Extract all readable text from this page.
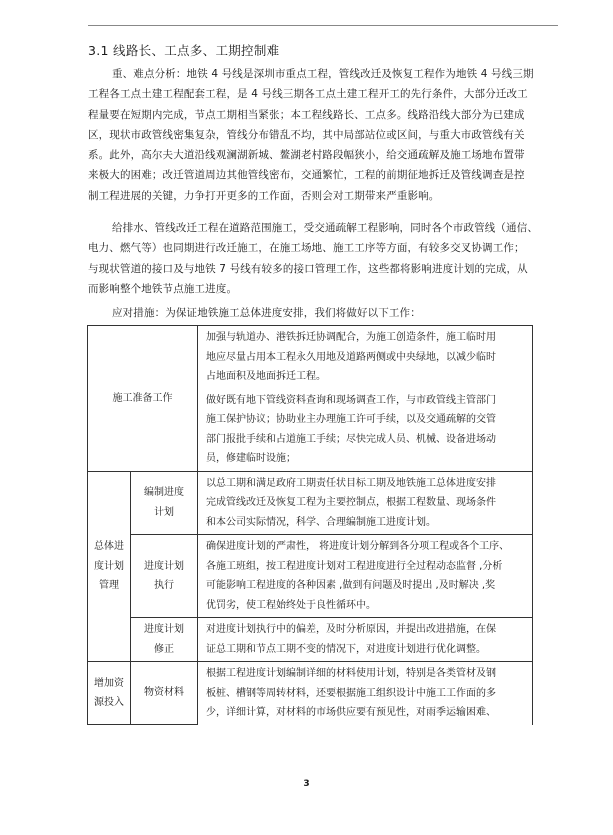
3.1 线路长、工点多、工期控制难
重、难点分析：地铁 4 号线是深圳市重点工程，管线改迁及恢复工程作为地铁 4 号线三期
工程各工点土建工程配套工程，是 4 号线三期各工点土建工程开工的先行条件，大部分迁改工
程量要在短期内完成，节点工期相当紧张；本工程线路长、工点多。线路沿线大部分为已建成
区，现状市政管线密集复杂，管线分布错乱不均，其中局部站位或区间，与重大市政管线有关
系。此外，高尔夫大道沿线观澜湖新城、鳌湖老村路段幅狭小，给交通疏解及施工场地布置带
来极大的困难；改迁管道周边其他管线密布，交通繁忙，工程的前期征地拆迁及管线调查是控
制工程进展的关键，力争打开更多的工作面，否则会对工期带来严重影响。
给排水、管线改迁工程在道路范围施工，受交通疏解工程影响，同时各个市政管线（通信、
电力、燃气等）也同期进行改迁施工，在施工场地、施工工序等方面，有较多交叉协调工作；
与现状管道的接口及与地铁 7 号线有较多的接口管理工作，这些都将影响进度计划的完成，从
而影响整个地铁节点施工进度。
应对措施：为保证地铁施工总体进度安排，我们将做好以下工作：
施工准备工作		加强与轨道办、港铁拆迁协调配合，为施工创造条件，施工临时用
地应尽量占用本工程永久用地及道路两侧或中央绿地，以减少临时
占地面积及地面拆迁工程。

		做好既有地下管线资料查询和现场调查工作，与市政管线主管部门
施工保护协议；协助业主办理施工许可手续，以及交通疏解的交管
部门报批手续和占道施工手续；尽快完成人员、机械、设备进场动
员，修建临时设施；

总体进
度计划
管理	编制进度
计划	以总工期和满足政府工期责任状目标工期及地铁施工总体进度安排
完成管线改迁及恢复工程为主要控制点，根据工程数量、现场条件
和本公司实际情况，科学、合理编制施工进度计划。

	进度计划
执行	确保进度计划的严肃性， 将进度计划分解到各分项工程或各个工序、
各施工班组，按工程进度计划对工程进度进行全过程动态监督 ,分析
可能影响工程进度的各种因素 ,做到有问题及时提出 ,及时解决 ,奖
优罚劣，使工程始终处于良性循环中。

	进度计划
修正	对进度计划执行中的偏差，及时分析原因，并提出改进措施，在保
证总工期和节点工期不变的情况下，对进度计划进行优化调整。

增加资
源投入	物资材料	根据工程进度计划编制详细的材料使用计划，特别是各类管材及钢
板桩、槽钢等周转材料，还要根据施工组织设计中施工工作面的多
少，详细计算，对材料的市场供应要有预见性，对雨季运输困难、
3
